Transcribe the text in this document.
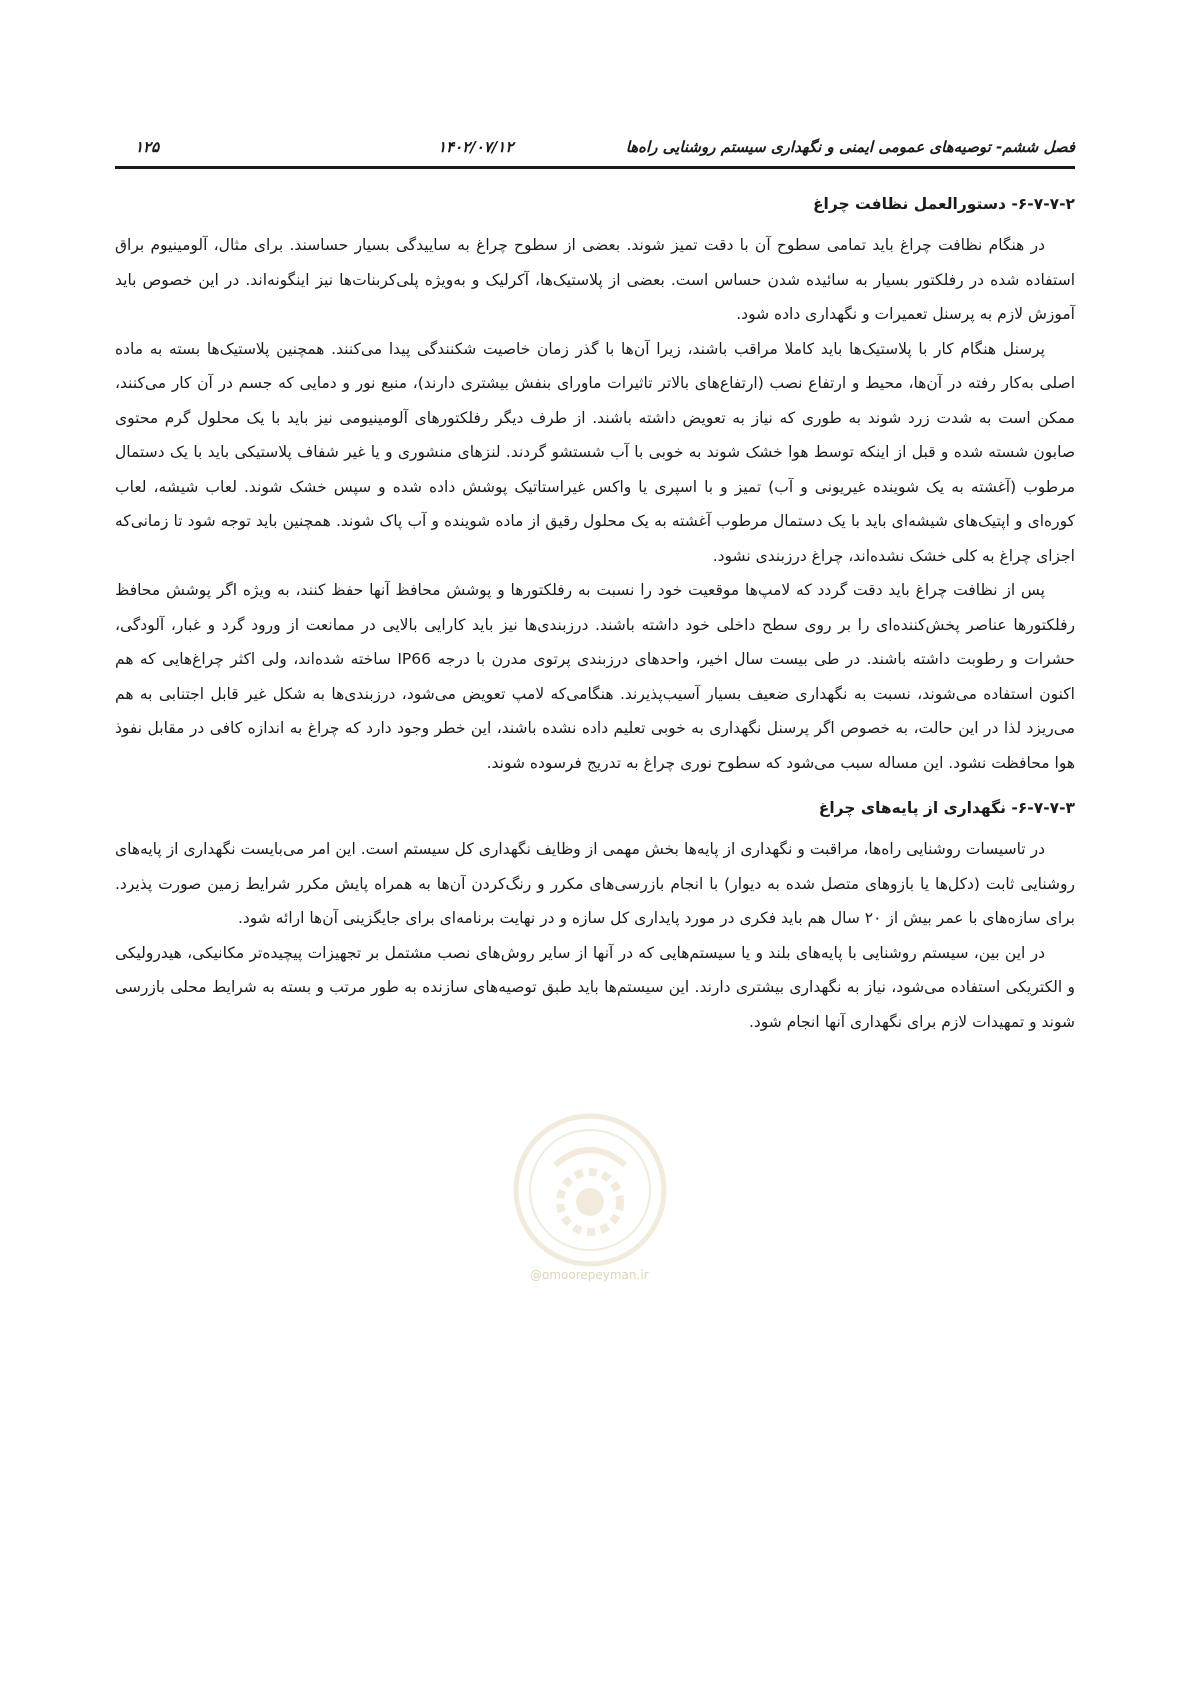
فصل ششم- توصیه‌های عمومی ایمنی و نگهداری سیستم روشنایی راه‌ها
۱۴۰۲/۰۷/۱۲
۱۲۵
۶-۷-۷-۲- دستورالعمل نظافت چراغ

در هنگام نظافت چراغ باید تمامی سطوح آن با دقت تمیز شوند. بعضی از سطوح چراغ به ساییدگی بسیار حساسند. برای مثال، آلومینیوم براق استفاده شده در رفلکتور بسیار به سائیده شدن حساس است. بعضی از پلاستیک‌ها، آکرلیک و به‌ویژه پلی‌کربنات‌ها نیز اینگونه‌اند. در این خصوص باید آموزش لازم به پرسنل تعمیرات و نگهداری داده شود.

پرسنل هنگام کار با پلاستیک‌ها باید کاملا مراقب باشند، زیرا آن‌ها با گذر زمان خاصیت شکنندگی پیدا می‌کنند. همچنین پلاستیک‌ها بسته به ماده اصلی به‌کار رفته در آن‌ها، محیط و ارتفاع نصب (ارتفاع‌های بالاتر تاثیرات ماورای بنفش بیشتری دارند)، منبع نور و دمایی که جسم در آن کار می‌کنند، ممکن است به شدت زرد شوند به طوری که نیاز به تعویض داشته باشند. از طرف دیگر رفلکتورهای آلومینیومی نیز باید با یک محلول گرم محتوی صابون شسته شده و قبل از اینکه توسط هوا خشک شوند به خوبی با آب شستشو گردند. لنزهای منشوری و یا غیر شفاف پلاستیکی باید با یک دستمال مرطوب (آغشته به یک شوینده غیریونی و آب) تمیز و با اسپری یا واکس غیراستاتیک پوشش داده شده و سپس خشک شوند. لعاب شیشه، لعاب کوره‌ای و اپتیک‌های شیشه‌ای باید با یک دستمال مرطوب آغشته به یک محلول رقیق از ماده شوینده و آب پاک شوند. همچنین باید توجه شود تا زمانی‌که اجزای چراغ به کلی خشک نشده‌اند، چراغ درزبندی نشود.

پس از نظافت چراغ باید دقت گردد که لامپ‌ها موقعیت خود را نسبت به رفلکتورها و پوشش محافظ آنها حفظ کنند، به ویژه اگر پوشش محافظ رفلکتورها عناصر پخش‌کننده‌ای را بر روی سطح داخلی خود داشته باشند. درزبندی‌ها نیز باید کارایی بالایی در ممانعت از ورود گرد و غبار، آلودگی، حشرات و رطوبت داشته باشند. در طی بیست سال اخیر، واحدهای درزبندی پرتوی مدرن با درجه IP66 ساخته شده‌اند، ولی اکثر چراغ‌هایی که هم اکنون استفاده می‌شوند، نسبت به نگهداری ضعیف بسیار آسیب‌پذیرند. هنگامی‌که لامپ تعویض می‌شود، درزبندی‌ها به شکل غیر قابل اجتنابی به هم می‌ریزد لذا در این حالت، به خصوص اگر پرسنل نگهداری به خوبی تعلیم داده نشده باشند، این خطر وجود دارد که چراغ به اندازه کافی در مقابل نفوذ هوا محافظت نشود. این مساله سبب می‌شود که سطوح نوری چراغ به تدریج فرسوده شوند.

۶-۷-۷-۳- نگهداری از پایه‌های چراغ

در تاسیسات روشنایی راه‌ها، مراقبت و نگهداری از پایه‌ها بخش مهمی از وظایف نگهداری کل سیستم است. این امر می‌بایست نگهداری از پایه‌های روشنایی ثابت (دکل‌ها یا بازوهای متصل شده به دیوار) با انجام بازرسی‌های مکرر و رنگ‌کردن آن‌ها به همراه پایش مکرر شرایط زمین صورت پذیرد. برای سازه‌های با عمر بیش از ۲۰ سال هم باید فکری در مورد پایداری کل سازه و در نهایت برنامه‌ای برای جایگزینی آن‌ها ارائه شود.

در این بین، سیستم روشنایی با پایه‌های بلند و یا سیستم‌هایی که در آنها از سایر روش‌های نصب مشتمل بر تجهیزات پیچیده‌تر مکانیکی، هیدرولیکی و الکتریکی استفاده می‌شود، نیاز به نگهداری بیشتری دارند. این سیستم‌ها باید طبق توصیه‌های سازنده به طور مرتب و بسته به شرایط محلی بازرسی شوند و تمهیدات لازم برای نگهداری آنها انجام شود.

@omoorepeyman.ir
